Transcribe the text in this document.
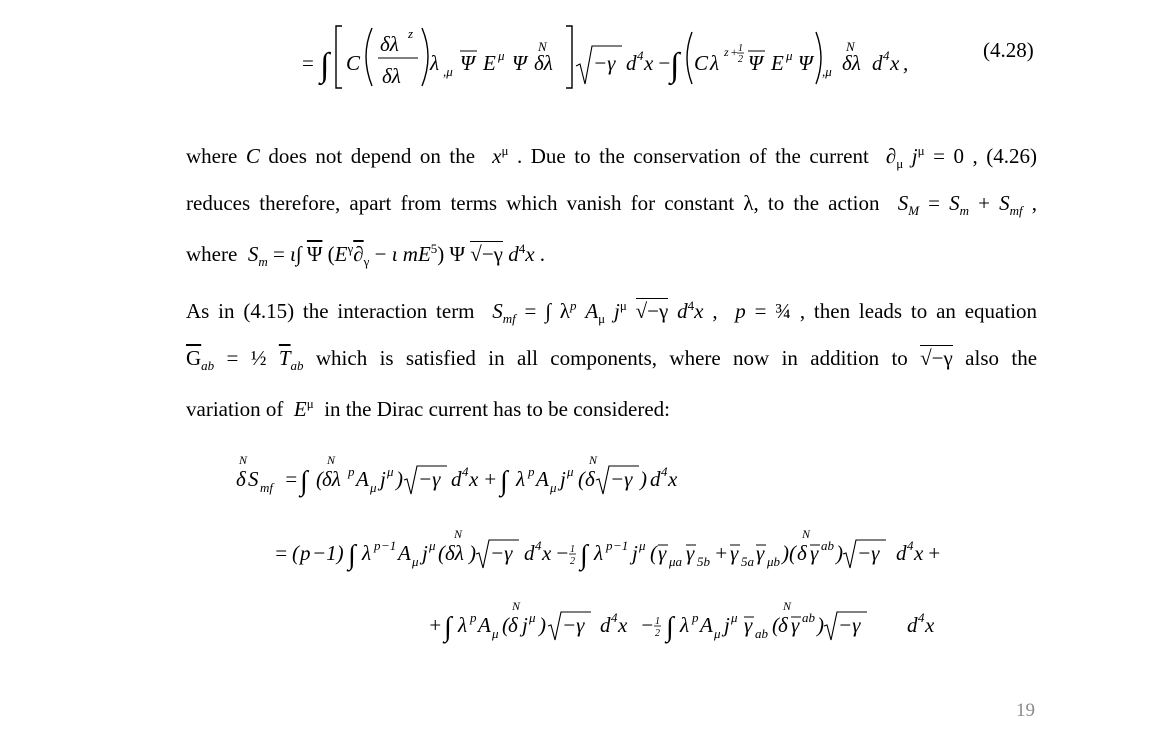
= ∫ C
δλ z
δλ
λ ,μ Ψ E μ Ψ
N
δλ −γ d 4 x −
∫ C λ z + 1
2 Ψ E μ Ψ ,μ
N
δλ d 4 x ,
(4.28)
where C does not depend on the  $x^\mu$ . Due to the conservation of the current  $\partial_\mu$ $j^\mu = 0$ , (4.26)
reduces therefore, apart from terms which vanish for constant λ, to the action  $S_M = S_m + S_{mf}$ ,
where  $S_m = \iota\int$ $\overline{\Psi}$ ($E^\gamma\partial_\gamma - \iota$ $mE^5$) Ψ √−γ $d^4x$ .
As in (4.15) the interaction term  $S_{mf}$ = ∫ $\lambda^p$ $A_\mu$ $j^\mu$ √−γ $d^4x$ ,  p = ¾ , then leads to an equation
$\overline{G}_{ab}$ = ½ $\overline{T}_{ab}$ which is satisfied in all components, where now in addition to √−γ also the
variation of  $E^\mu$  in the Dirac current has to be considered:
N
δ S mf = ∫ (
N
δλ p A μ j μ ) −γ d 4 x + ∫ λ p A μ j μ (
N
δ −γ ) d 4 x
= ( p −1) ∫ λ p −1 A μ j μ (
N
δλ ) −γ d 4 x − 1
2 ∫ λ p −1 j μ ( γ μa γ 5b + γ 5a γ μb )(
N
δ γ ab ) −γ d 4 x +
+ ∫ λ p A μ (
N
δ j μ ) −γ d 4 x − 1
2 ∫ λ p A μ j μ γ ab (
N
δ γ ab ) −γ d 4 x
19
